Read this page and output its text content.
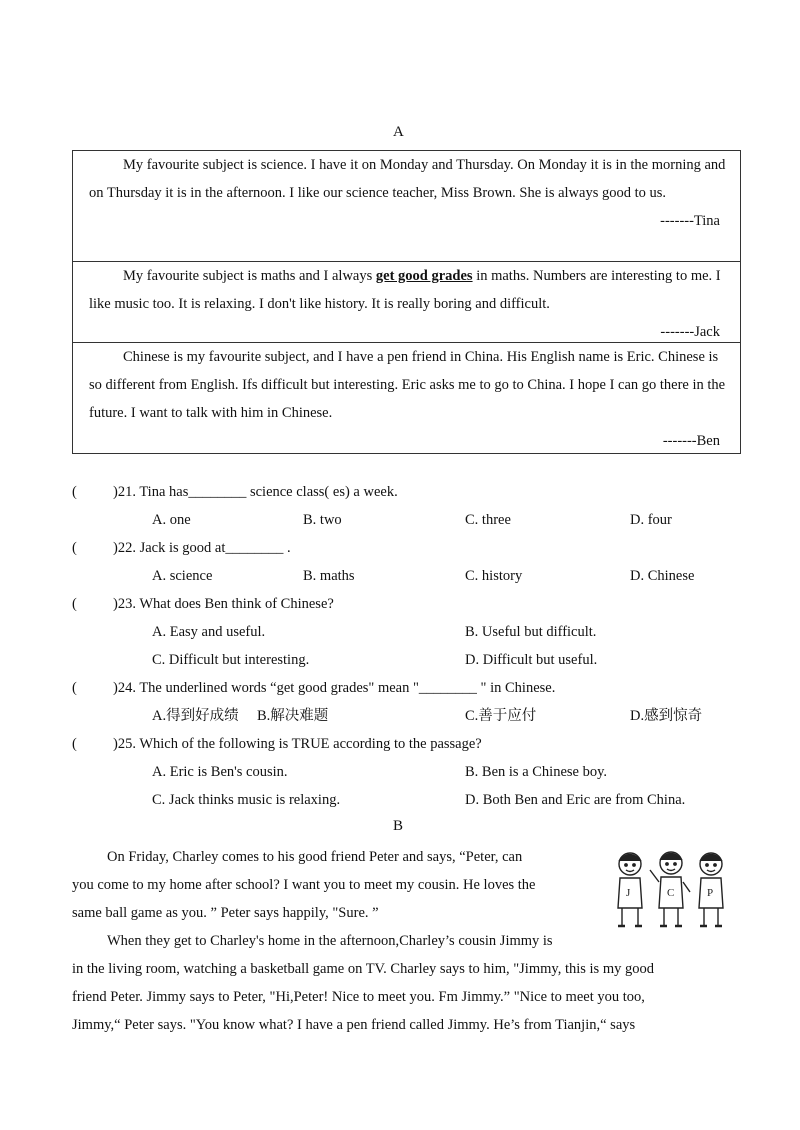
A

My favourite subject is science. I have it on Monday and Thursday. On Monday it is in the morning and on Thursday it is in the afternoon. I like our science teacher, Miss Brown. She is always good to us.

-------Tina

My favourite subject is maths and I always get good grades in maths. Numbers are interesting to me. I like music too. It is relaxing. I don't like history. It is really boring and difficult.

-------Jack

Chinese is my favourite subject, and I have a pen friend in China. His English name is Eric. Chinese is so different from English. Ifs difficult but interesting. Eric asks me to go to China. I hope I can go there in the future. I want to talk with him in Chinese.

-------Ben
( )21. Tina has________ science class( es) a week.
A. one	B. two	C. three	D. four
( )22. Jack is good at________ .
A. science	B. maths	C. history	D. Chinese
( )23. What does Ben think of Chinese?
A. Easy and useful.	B. Useful but difficult.
C. Difficult but interesting.	D. Difficult but useful.
( )24. The underlined words “get good grades" mean "________ " in Chinese.
A.得到好成绩 B.解决难题	C.善于应付	D.感到惊奇
( )25. Which of the following is TRUE according to the passage?
A. Eric is Ben's cousin.	B. Ben is a Chinese boy.
C. Jack thinks music is relaxing.	D. Both Ben and Eric are from China.
B
On Friday, Charley comes to his good friend Peter and says, “Peter, can
you come to my home after school? I want you to meet my cousin. He loves the
same ball game as you. ” Peter says happily, "Sure. ”
When they get to Charley's home in the afternoon,Charley’s cousin Jimmy is
in the living room, watching a basketball game on TV. Charley says to him, "Jimmy, this is my good
friend Peter. Jimmy says to Peter, "Hi,Peter! Nice to meet you. Fm Jimmy.” "Nice to meet you too,
Jimmy,“ Peter says. "You know what? I have a pen friend called Jimmy. He’s from Tianjin,“ says
J	C	P
